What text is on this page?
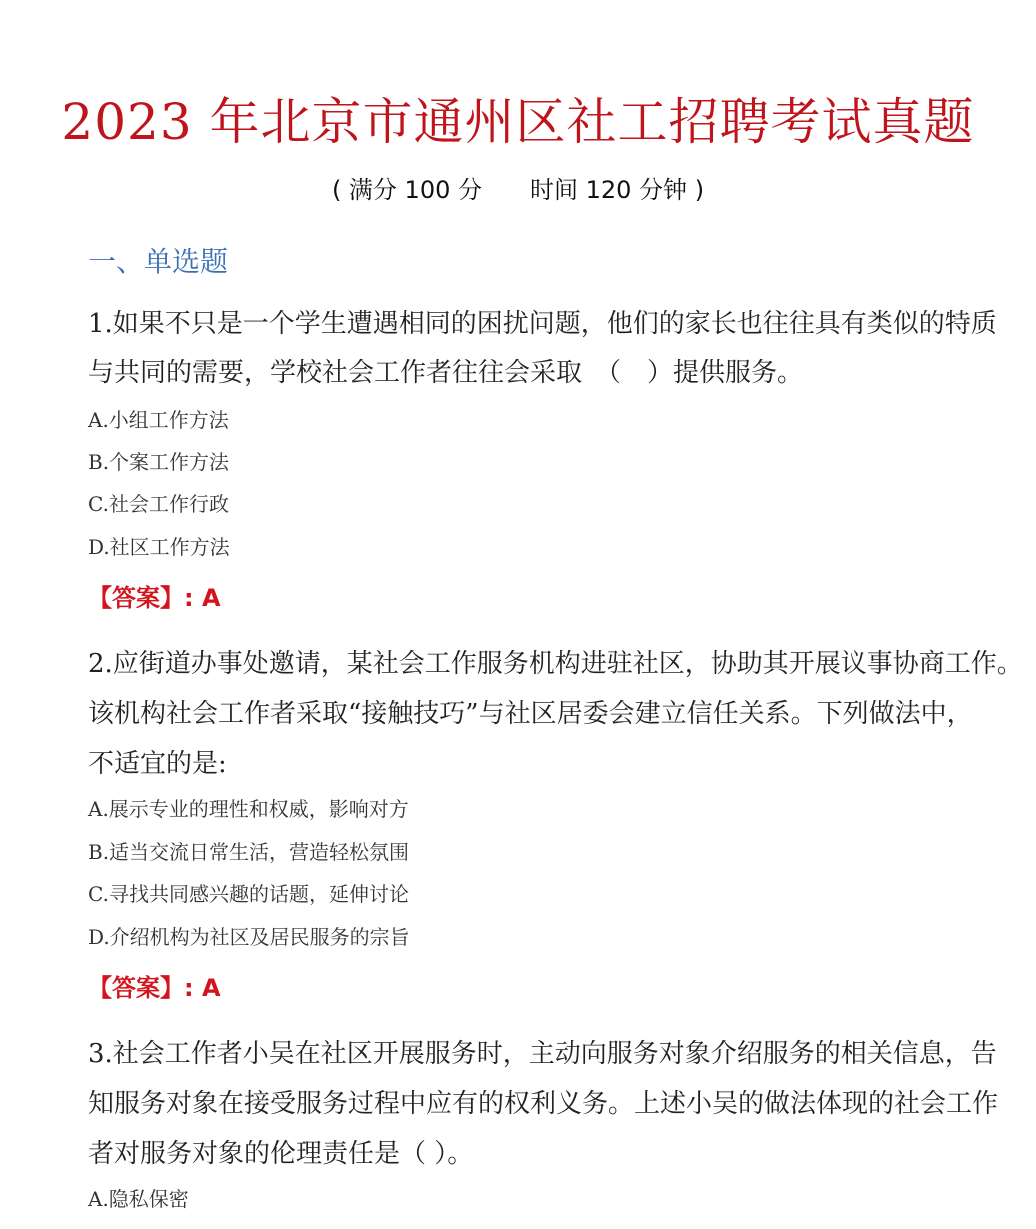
2023 年北京市通州区社工招聘考试真题
( 满分 100 分　　时间 120 分钟 )
一、单选题
1.如果不只是一个学生遭遇相同的困扰问题，他们的家长也往往具有类似的特质
与共同的需要，学校社会工作者往往会采取　（　）提供服务。
A.小组工作方法
B.个案工作方法
C.社会工作行政
D.社区工作方法
【答案】: A
2.应街道办事处邀请，某社会工作服务机构进驻社区，协助其开展议事协商工作。
该机构社会工作者采取“接触技巧”与社区居委会建立信任关系。下列做法中，
不适宜的是:
A.展示专业的理性和权威，影响对方
B.适当交流日常生活，营造轻松氛围
C.寻找共同感兴趣的话题，延伸讨论
D.介绍机构为社区及居民服务的宗旨
【答案】: A
3.社会工作者小吴在社区开展服务时，主动向服务对象介绍服务的相关信息，告
知服务对象在接受服务过程中应有的权利义务。上述小吴的做法体现的社会工作
者对服务对象的伦理责任是（ ）。
A.隐私保密
